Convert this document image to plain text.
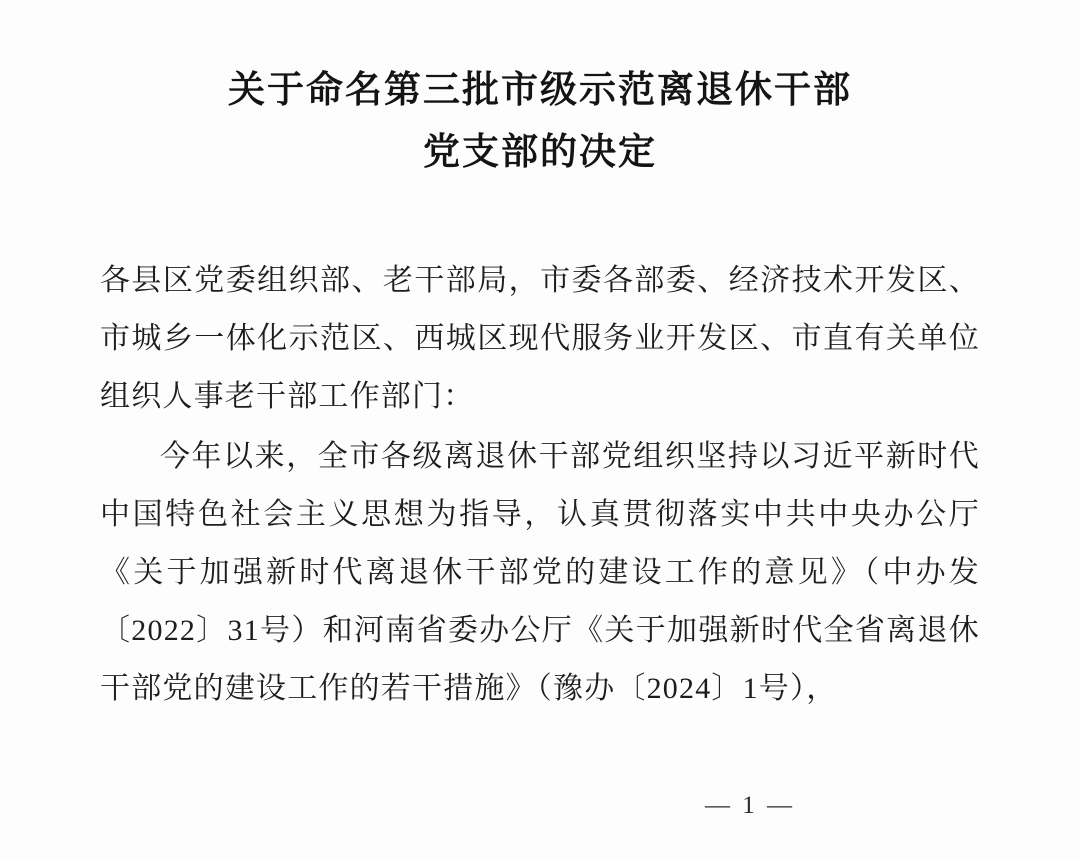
关于命名第三批市级示范离退休干部
党支部的决定
各县区党委组织部、老干部局，市委各部委、经济技术开发区、市城乡一体化示范区、西城区现代服务业开发区、市直有关单位组织人事老干部工作部门：
今年以来，全市各级离退休干部党组织坚持以习近平新时代中国特色社会主义思想为指导，认真贯彻落实中共中央办公厅《关于加强新时代离退休干部党的建设工作的意见》（中办发〔2022〕31号）和河南省委办公厅《关于加强新时代全省离退休干部党的建设工作的若干措施》（豫办〔2024〕1号），
— 1 —
